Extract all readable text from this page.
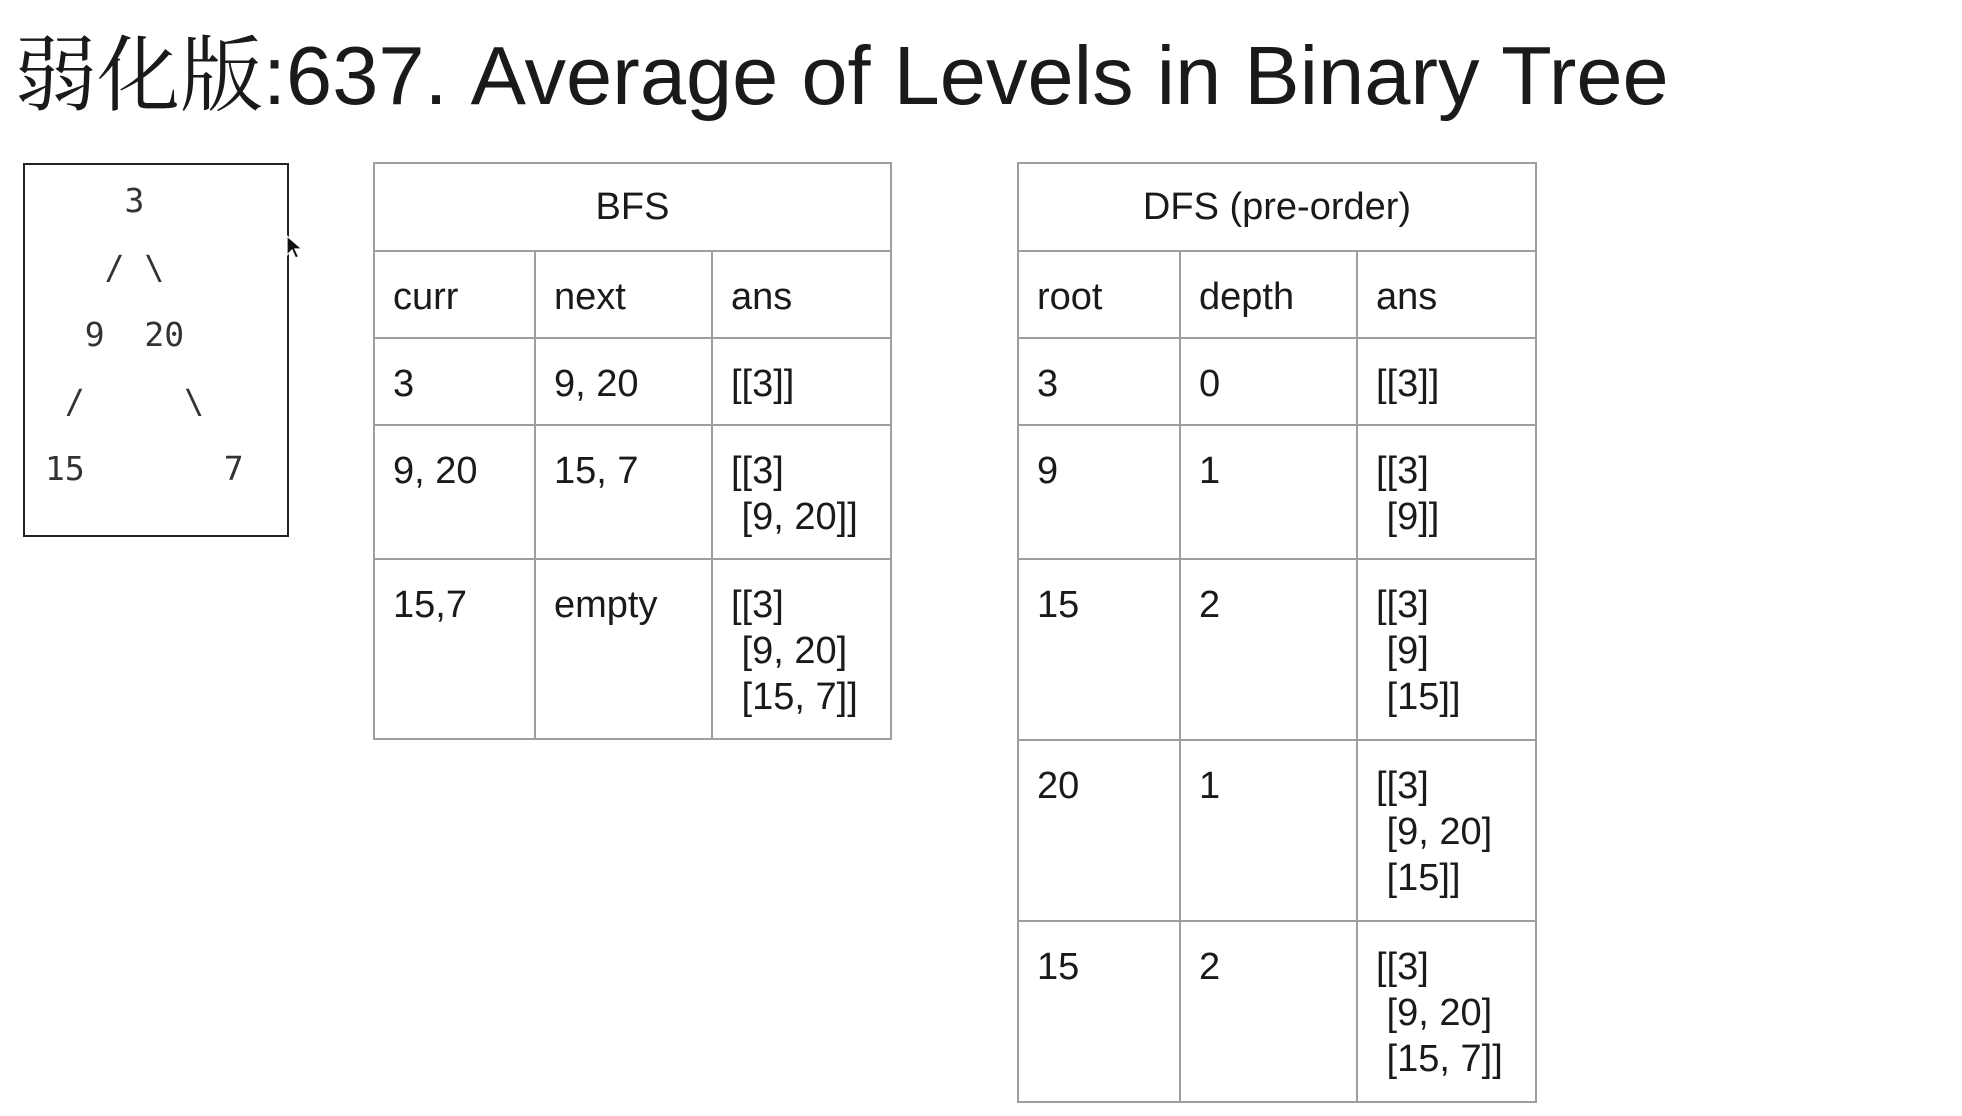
弱化版:637. Average of Levels in Binary Tree
3
/ \
9  20
/     \
15       7
BFS		
curr	next	ans
3	9, 20	[[3]]

9, 20	15, 7	[[3]
[9, 20]]

15,7	empty	[[3]
[9, 20]
[15, 7]]
DFS (pre-order)		
root	depth	ans
3	0	[[3]]

9	1	[[3]
[9]]

15	2	[[3]
[9]
[15]]

20	1	[[3]
[9, 20]
[15]]

15	2	[[3]
[9, 20]
[15, 7]]
